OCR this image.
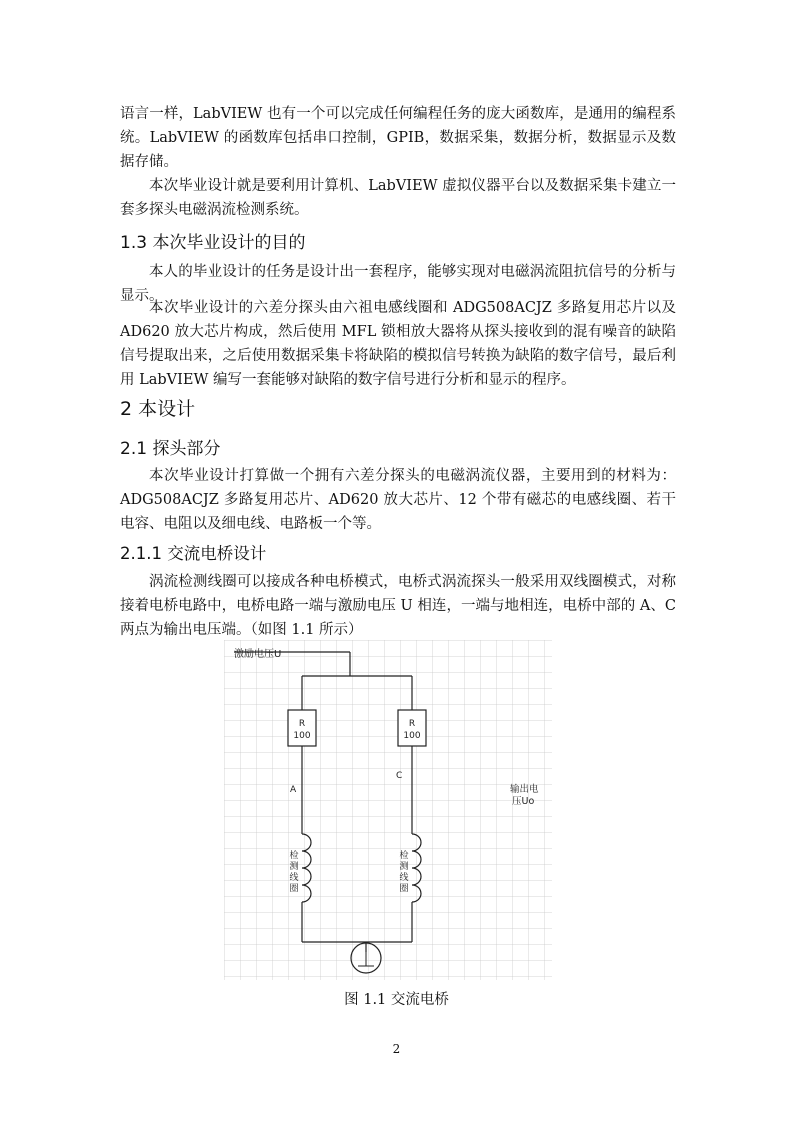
语言一样，LabVIEW 也有一个可以完成任何编程任务的庞大函数库，是通用的编程系统。LabVIEW 的函数库包括串口控制，GPIB，数据采集，数据分析，数据显示及数据存储。

本次毕业设计就是要利用计算机、LabVIEW 虚拟仪器平台以及数据采集卡建立一套多探头电磁涡流检测系统。

1.3 本次毕业设计的目的

本人的毕业设计的任务是设计出一套程序，能够实现对电磁涡流阻抗信号的分析与显示。

本次毕业设计的六差分探头由六祖电感线圈和 ADG508ACJZ 多路复用芯片以及 AD620 放大芯片构成，然后使用 MFL 锁相放大器将从探头接收到的混有噪音的缺陷信号提取出来，之后使用数据采集卡将缺陷的模拟信号转换为缺陷的数字信号，最后利用 LabVIEW 编写一套能够对缺陷的数字信号进行分析和显示的程序。

2 本设计
2.1 探头部分

本次毕业设计打算做一个拥有六差分探头的电磁涡流仪器，主要用到的材料为：ADG508ACJZ 多路复用芯片、AD620 放大芯片、12 个带有磁芯的电感线圈、若干电容、电阻以及细电线、电路板一个等。

2.1.1 交流电桥设计

涡流检测线圈可以接成各种电桥模式，电桥式涡流探头一般采用双线圈模式，对称接着电桥电路中，电桥电路一端与激励电压 U 相连，一端与地相连，电桥中部的 A、C 两点为输出电压端。（如图 1.1 所示）

激励电压U
R
100
R
100
A
C
输出电
压Uo
检
测
线
圈
检
测
线
圈
图 1.1 交流电桥
2
